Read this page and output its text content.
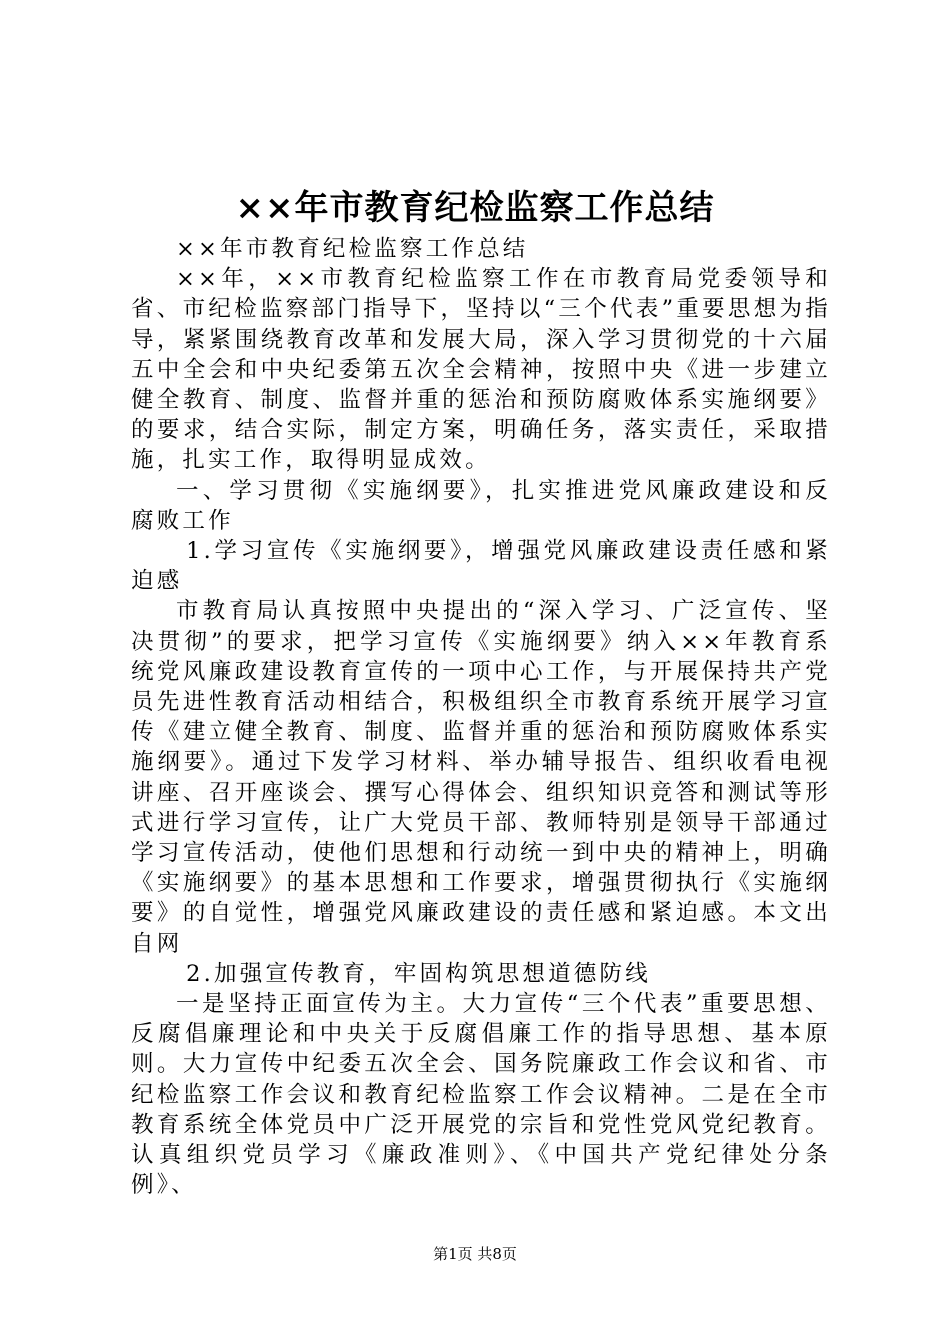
××年市教育纪检监察工作总结

××年市教育纪检监察工作总结

××年，××市教育纪检监察工作在市教育局党委领导和省、市纪检监察部门指导下，坚持以“三个代表”重要思想为指导，紧紧围绕教育改革和发展大局，深入学习贯彻党的十六届五中全会和中央纪委第五次全会精神，按照中央《进一步建立健全教育、制度、监督并重的惩治和预防腐败体系实施纲要》的要求，结合实际，制定方案，明确任务，落实责任，采取措施，扎实工作，取得明显成效。

一、学习贯彻《实施纲要》，扎实推进党风廉政建设和反腐败工作

1.学习宣传《实施纲要》，增强党风廉政建设责任感和紧迫感

市教育局认真按照中央提出的“深入学习、广泛宣传、坚决贯彻”的要求，把学习宣传《实施纲要》纳入××年教育系统党风廉政建设教育宣传的一项中心工作，与开展保持共产党员先进性教育活动相结合，积极组织全市教育系统开展学习宣传《建立健全教育、制度、监督并重的惩治和预防腐败体系实施纲要》。通过下发学习材料、举办辅导报告、组织收看电视讲座、召开座谈会、撰写心得体会、组织知识竞答和测试等形式进行学习宣传，让广大党员干部、教师特别是领导干部通过学习宣传活动，使他们思想和行动统一到中央的精神上，明确《实施纲要》的基本思想和工作要求，增强贯彻执行《实施纲要》的自觉性，增强党风廉政建设的责任感和紧迫感。本文出自网

2.加强宣传教育，牢固构筑思想道德防线

一是坚持正面宣传为主。大力宣传“三个代表”重要思想、反腐倡廉理论和中央关于反腐倡廉工作的指导思想、基本原则。大力宣传中纪委五次全会、国务院廉政工作会议和省、市纪检监察工作会议和教育纪检监察工作会议精神。二是在全市教育系统全体党员中广泛开展党的宗旨和党性党风党纪教育。认真组织党员学习《廉政准则》、《中国共产党纪律处分条例》、

第1页 共8页
